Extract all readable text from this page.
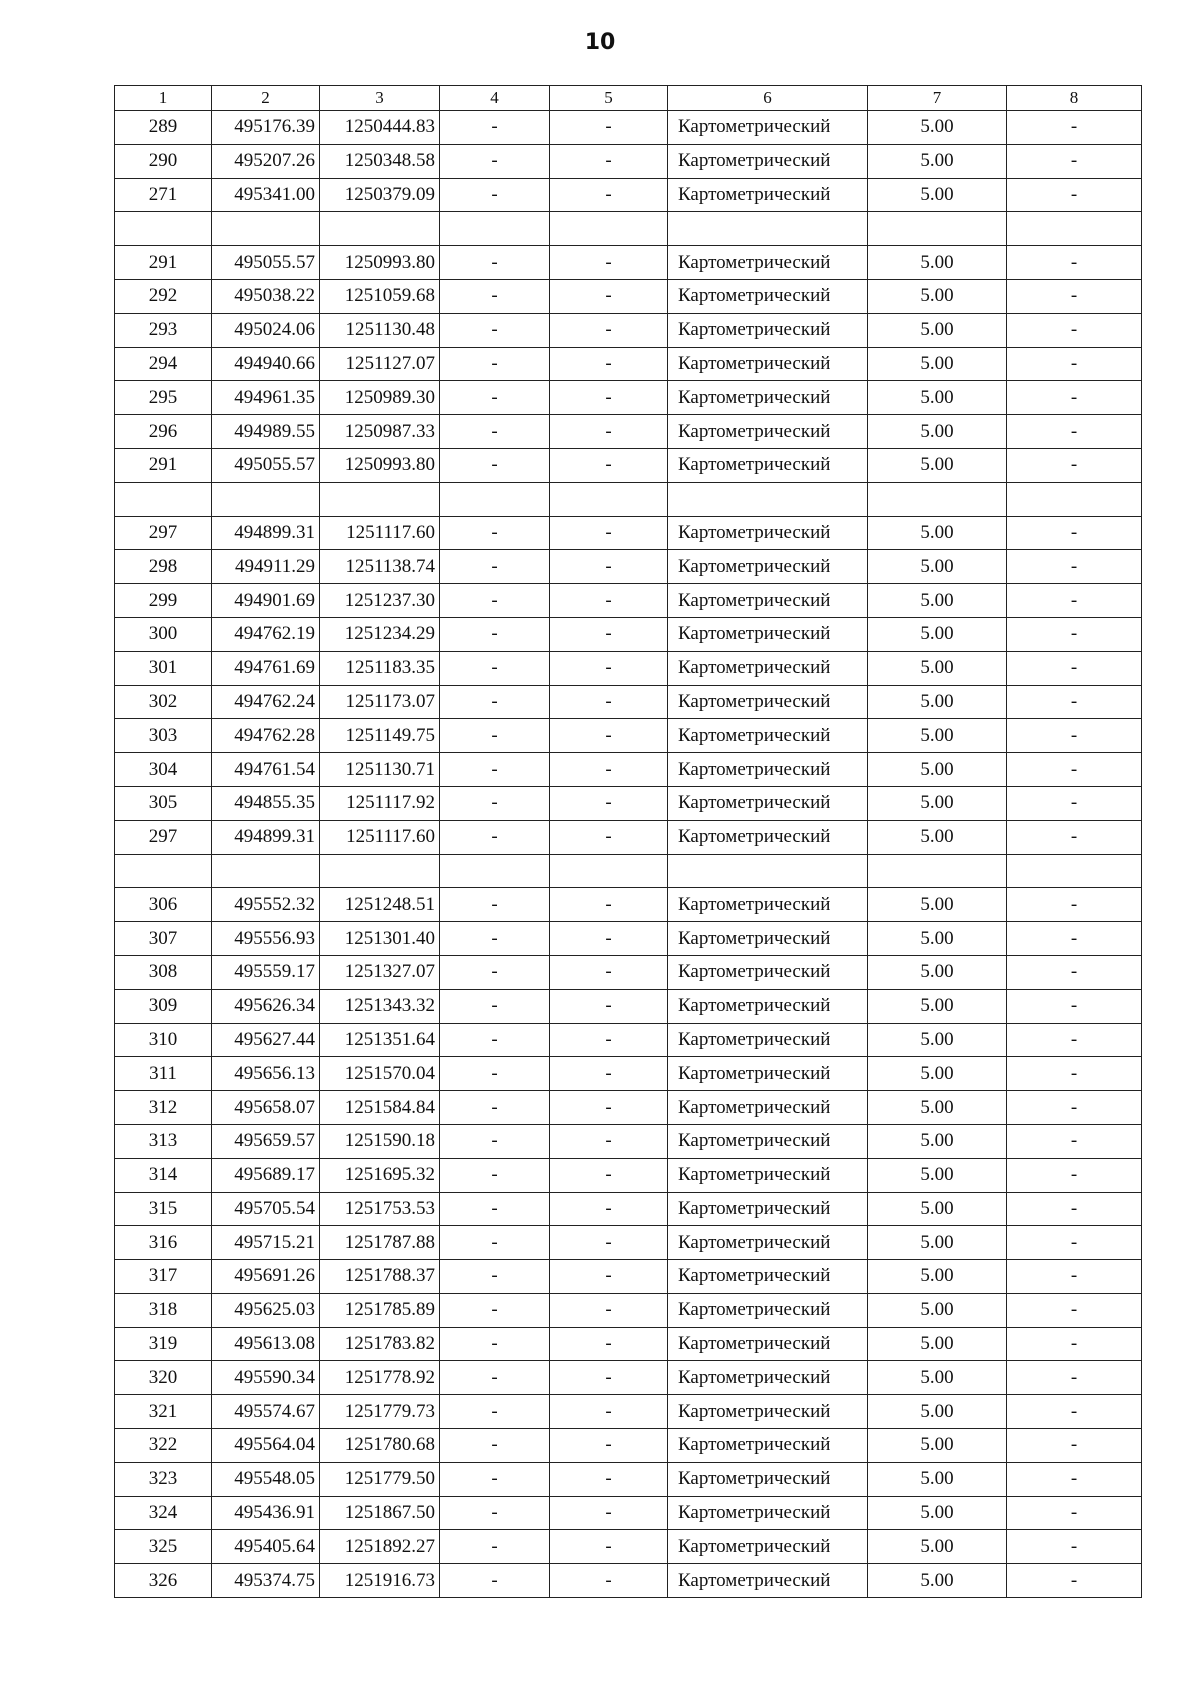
10
1	2	3	4	5	6	7	8
289	495176.39	1250444.83	-	-	Картометрический	5.00	-
290	495207.26	1250348.58	-	-	Картометрический	5.00	-
271	495341.00	1250379.09	-	-	Картометрический	5.00	-

291	495055.57	1250993.80	-	-	Картометрический	5.00	-
292	495038.22	1251059.68	-	-	Картометрический	5.00	-
293	495024.06	1251130.48	-	-	Картометрический	5.00	-
294	494940.66	1251127.07	-	-	Картометрический	5.00	-
295	494961.35	1250989.30	-	-	Картометрический	5.00	-
296	494989.55	1250987.33	-	-	Картометрический	5.00	-
291	495055.57	1250993.80	-	-	Картометрический	5.00	-

297	494899.31	1251117.60	-	-	Картометрический	5.00	-
298	494911.29	1251138.74	-	-	Картометрический	5.00	-
299	494901.69	1251237.30	-	-	Картометрический	5.00	-
300	494762.19	1251234.29	-	-	Картометрический	5.00	-
301	494761.69	1251183.35	-	-	Картометрический	5.00	-
302	494762.24	1251173.07	-	-	Картометрический	5.00	-
303	494762.28	1251149.75	-	-	Картометрический	5.00	-
304	494761.54	1251130.71	-	-	Картометрический	5.00	-
305	494855.35	1251117.92	-	-	Картометрический	5.00	-
297	494899.31	1251117.60	-	-	Картометрический	5.00	-

306	495552.32	1251248.51	-	-	Картометрический	5.00	-
307	495556.93	1251301.40	-	-	Картометрический	5.00	-
308	495559.17	1251327.07	-	-	Картометрический	5.00	-
309	495626.34	1251343.32	-	-	Картометрический	5.00	-
310	495627.44	1251351.64	-	-	Картометрический	5.00	-
311	495656.13	1251570.04	-	-	Картометрический	5.00	-
312	495658.07	1251584.84	-	-	Картометрический	5.00	-
313	495659.57	1251590.18	-	-	Картометрический	5.00	-
314	495689.17	1251695.32	-	-	Картометрический	5.00	-
315	495705.54	1251753.53	-	-	Картометрический	5.00	-
316	495715.21	1251787.88	-	-	Картометрический	5.00	-
317	495691.26	1251788.37	-	-	Картометрический	5.00	-
318	495625.03	1251785.89	-	-	Картометрический	5.00	-
319	495613.08	1251783.82	-	-	Картометрический	5.00	-
320	495590.34	1251778.92	-	-	Картометрический	5.00	-
321	495574.67	1251779.73	-	-	Картометрический	5.00	-
322	495564.04	1251780.68	-	-	Картометрический	5.00	-
323	495548.05	1251779.50	-	-	Картометрический	5.00	-
324	495436.91	1251867.50	-	-	Картометрический	5.00	-
325	495405.64	1251892.27	-	-	Картометрический	5.00	-
326	495374.75	1251916.73	-	-	Картометрический	5.00	-
